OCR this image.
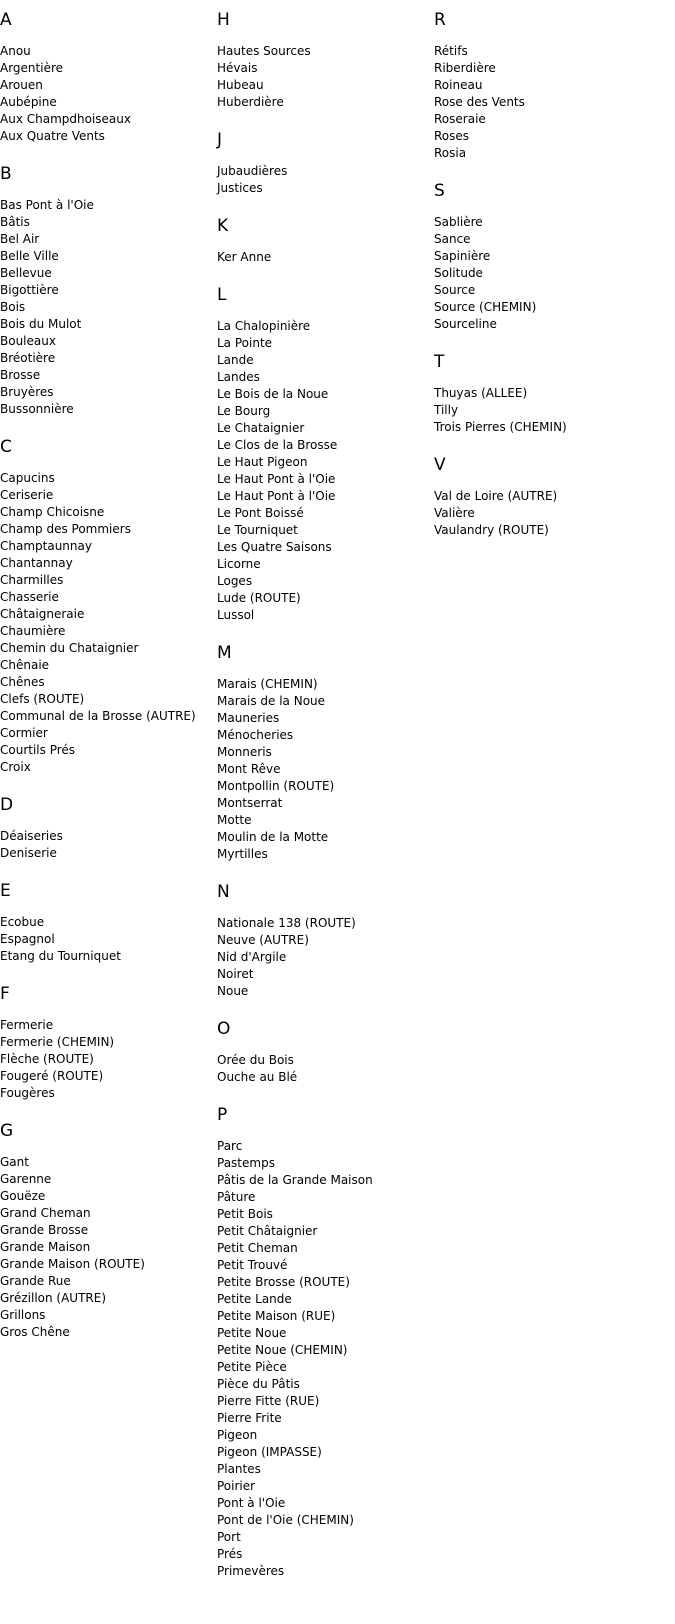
A
Anou
Argentière
Arouen
Aubépine
Aux Champdhoiseaux
Aux Quatre Vents
B
Bas Pont à l'Oie
Bâtis
Bel Air
Belle Ville
Bellevue
Bigottière
Bois
Bois du Mulot
Bouleaux
Bréotière
Brosse
Bruyères
Bussonnière
C
Capucins
Ceriserie
Champ Chicoisne
Champ des Pommiers
Champtaunnay
Chantannay
Charmilles
Chasserie
Châtaigneraie
Chaumière
Chemin du Chataignier
Chênaie
Chênes
Clefs (ROUTE)
Communal de la Brosse (AUTRE)
Cormier
Courtils Prés
Croix
D
Déaiseries
Deniserie
E
Ecobue
Espagnol
Etang du Tourniquet
F
Fermerie
Fermerie (CHEMIN)
Flèche (ROUTE)
Fougeré (ROUTE)
Fougères
G
Gant
Garenne
Gouëze
Grand Cheman
Grande Brosse
Grande Maison
Grande Maison (ROUTE)
Grande Rue
Grézillon (AUTRE)
Grillons
Gros Chêne
H
Hautes Sources
Hévais
Hubeau
Huberdière
J
Jubaudières
Justices
K
Ker Anne
L
La Chalopinière
La Pointe
Lande
Landes
Le Bois de la Noue
Le Bourg
Le Chataignier
Le Clos de la Brosse
Le Haut Pigeon
Le Haut Pont à l'Oie
Le Haut Pont à l'Oie
Le Pont Boissé
Le Tourniquet
Les Quatre Saisons
Licorne
Loges
Lude (ROUTE)
Lussol
M
Marais (CHEMIN)
Marais de la Noue
Mauneries
Ménocheries
Monneris
Mont Rêve
Montpollin (ROUTE)
Montserrat
Motte
Moulin de la Motte
Myrtilles
N
Nationale 138 (ROUTE)
Neuve (AUTRE)
Nid d'Argile
Noiret
Noue
O
Orée du Bois
Ouche au Blé
P
Parc
Pastemps
Pâtis de la Grande Maison
Pâture
Petit Bois
Petit Châtaignier
Petit Cheman
Petit Trouvé
Petite Brosse (ROUTE)
Petite Lande
Petite Maison (RUE)
Petite Noue
Petite Noue (CHEMIN)
Petite Pièce
Pièce du Pâtis
Pierre Fitte (RUE)
Pierre Frite
Pigeon
Pigeon (IMPASSE)
Plantes
Poirier
Pont à l'Oie
Pont de l'Oie (CHEMIN)
Port
Prés
Primevères
R
Rétifs
Riberdière
Roineau
Rose des Vents
Roseraie
Roses
Rosia
S
Sablière
Sance
Sapinière
Solitude
Source
Source (CHEMIN)
Sourceline
T
Thuyas (ALLEE)
Tilly
Trois Pierres (CHEMIN)
V
Val de Loire (AUTRE)
Valière
Vaulandry (ROUTE)
